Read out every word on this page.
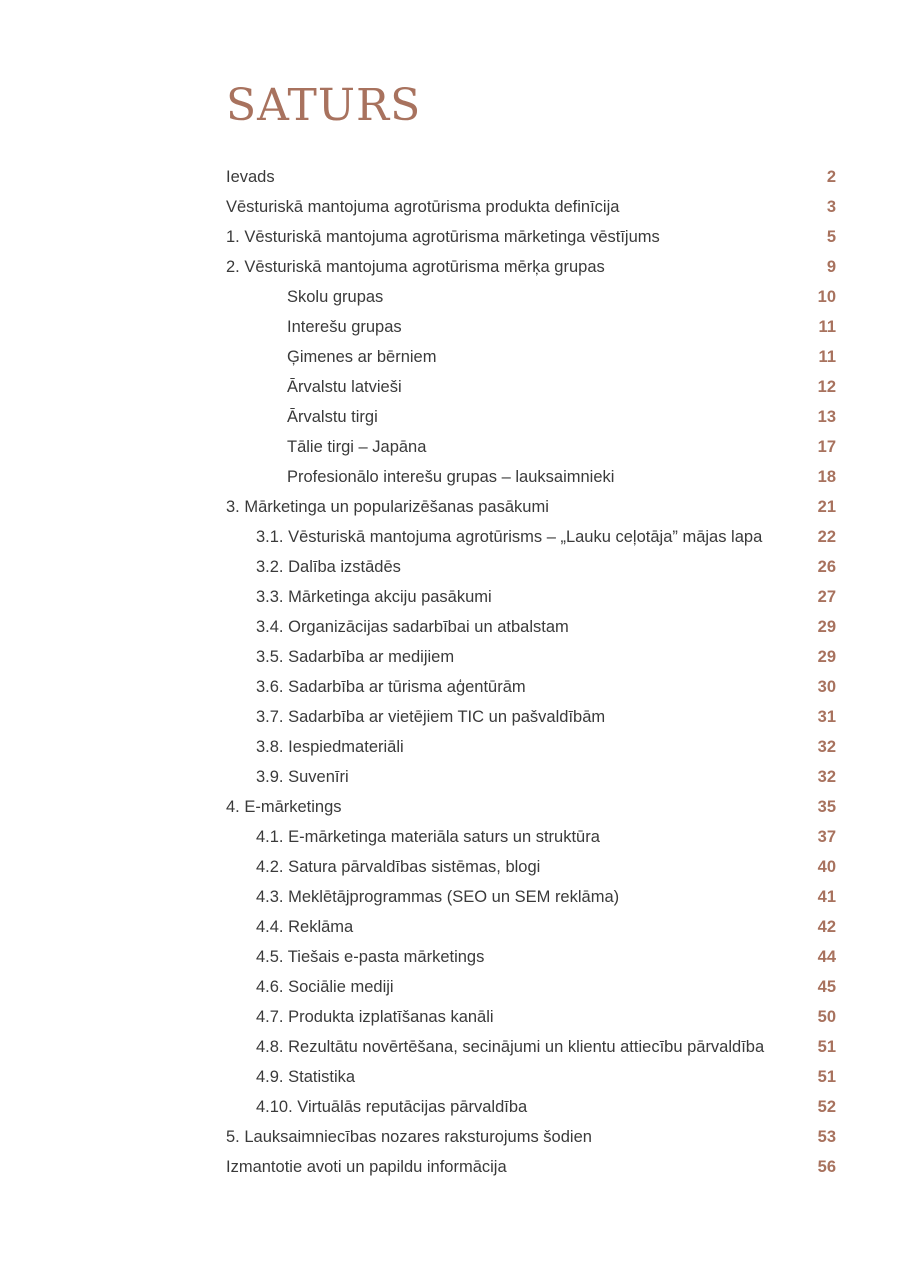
SATURS
Ievads	2
Vēsturiskā mantojuma agrotūrisma produkta definīcija	3
1. Vēsturiskā mantojuma agrotūrisma mārketinga vēstījums	5
2. Vēsturiskā mantojuma agrotūrisma mērķa grupas	9
Skolu grupas	10
Interešu grupas	11
Ģimenes ar bērniem	11
Ārvalstu latvieši	12
Ārvalstu tirgi	13
Tālie tirgi – Japāna	17
Profesionālo interešu grupas – lauksaimnieki	18
3. Mārketinga un popularizēšanas pasākumi	21
3.1. Vēsturiskā mantojuma agrotūrisms – „Lauku ceļotāja” mājas lapa	22
3.2. Dalība izstādēs	26
3.3. Mārketinga akciju pasākumi	27
3.4. Organizācijas sadarbībai un atbalstam	29
3.5. Sadarbība ar medijiem	29
3.6. Sadarbība ar tūrisma aģentūrām	30
3.7. Sadarbība ar vietējiem TIC un pašvaldībām	31
3.8. Iespiedmateriāli	32
3.9. Suvenīri	32
4. E-mārketings	35
4.1. E-mārketinga materiāla saturs un struktūra	37
4.2. Satura pārvaldības sistēmas, blogi	40
4.3. Meklētājprogrammas (SEO un SEM reklāma)	41
4.4. Reklāma	42
4.5. Tiešais e-pasta mārketings	44
4.6. Sociālie mediji	45
4.7. Produkta izplatīšanas kanāli	50
4.8. Rezultātu novērtēšana, secinājumi un klientu attiecību pārvaldība	51
4.9. Statistika	51
4.10. Virtuālās reputācijas pārvaldība	52
5. Lauksaimniecības nozares raksturojums šodien	53
Izmantotie avoti un papildu informācija	56
